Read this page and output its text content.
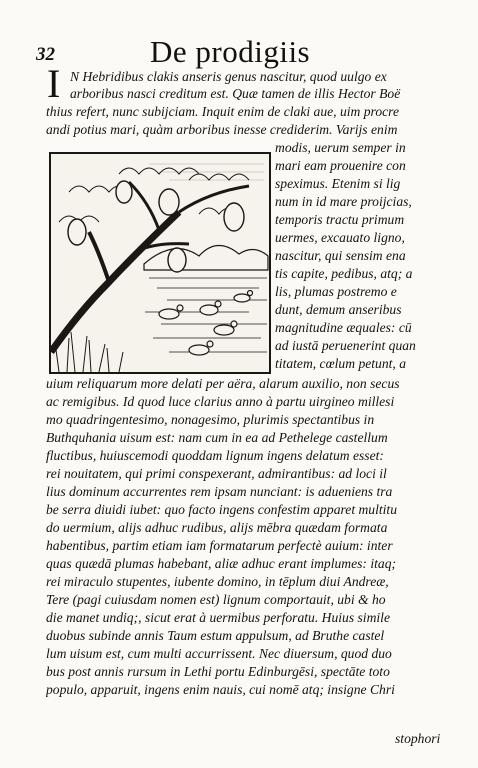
32	De prodigiis
I N Hebridibus clakis anseris genus nascitur, quod uulgo ex
arboribus nasci creditum est. Quæ tamen de illis Hector Boë
thius refert, nunc subijciam. Inquit enim de claki aue, uim procre
andi potius mari, quàm arboribus inesse crediderim. Varijs enim
modis, uerum semper in
mari eam prouenire con
speximus. Etenim si lig
num in id mare proijcias,
temporis tractu primum
uermes, excauato ligno,
nascitur, qui sensim ena
tis capite, pedibus, atq; a
lis, plumas postremo e
dunt, demum anseribus
magnitudine æquales: cū
ad iustā peruenerint quan
titatem, cœlum petunt, a
uium reliquarum more delati per aëra, alarum auxilio, non secus
ac remigibus. Id quod luce clarius anno à partu uirgineo millesi
mo quadringentesimo, nonagesimo, plurimis spectantibus in
Buthquhania uisum est: nam cum in ea ad Pethelege castellum
fluctibus, huiuscemodi quoddam lignum ingens delatum esset:
rei nouitatem, qui primi conspexerant, admirantibus: ad loci il
lius dominum accurrentes rem ipsam nunciant: is adueniens tra
be serra diuidi iubet: quo facto ingens confestim apparet multitu
do uermium, alijs adhuc rudibus, alijs mēbra quædam formata
habentibus, partim etiam iam formatarum perfectè auium: inter
quas quædā plumas habebant, aliæ adhuc erant implumes: itaq;
rei miraculo stupentes, iubente domino, in tēplum diui Andreæ,
Tere (pagi cuiusdam nomen est) lignum comportauit, ubi & ho
die manet undiq;, sicut erat à uermibus perforatu. Huius simile
duobus subinde annis Taum estum appulsum, ad Bruthe castel
lum uisum est, cum multi accurrissent. Nec diuersum, quod duo
bus post annis rursum in Lethi portu Edinburgēsi, spectāte toto
populo, apparuit, ingens enim nauis, cui nomē atq; insigne Chri
stophori
